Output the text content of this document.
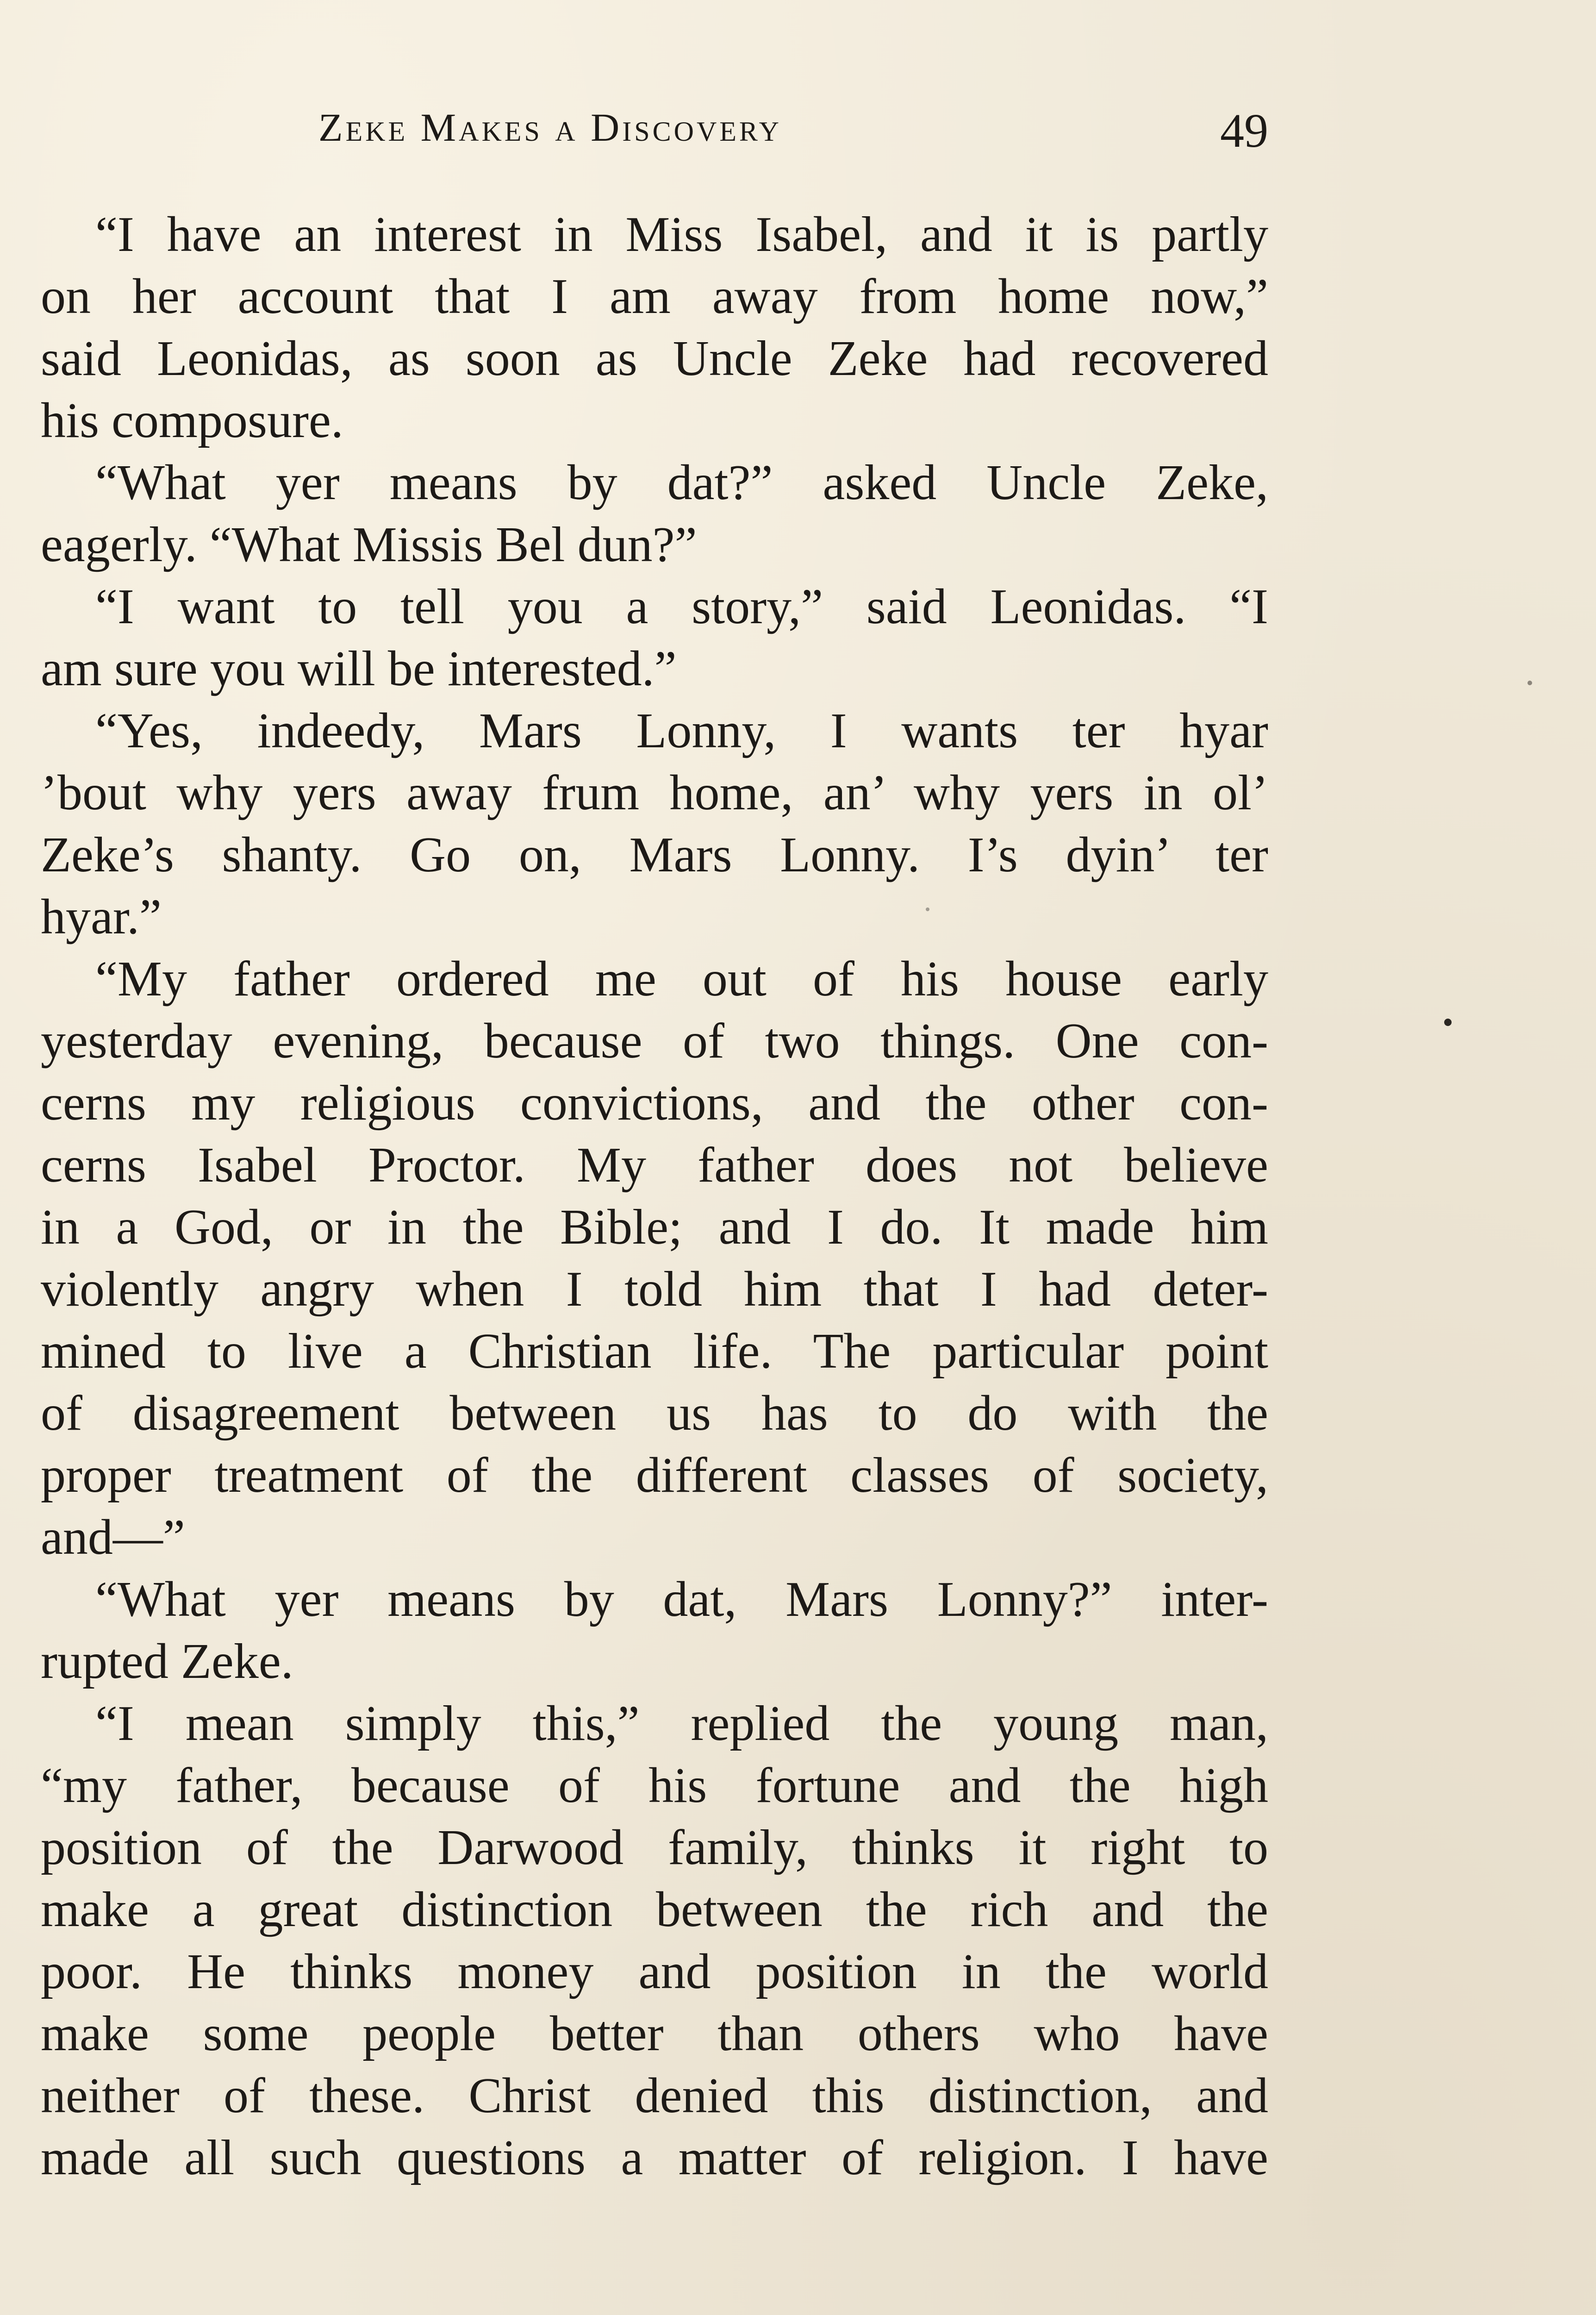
Zeke Makes a Discovery	49
“I have an interest in Miss Isabel, and it is partly
on her account that I am away from home now,”
said Leonidas, as soon as Uncle Zeke had recovered
his composure.
“What yer means by dat?” asked Uncle Zeke,
eagerly. “What Missis Bel dun?”
“I want to tell you a story,” said Leonidas. “I
am sure you will be interested.”
“Yes, indeedy, Mars Lonny, I wants ter hyar
’bout why yers away frum home, an’ why yers in ol’
Zeke’s shanty. Go on, Mars Lonny. I’s dyin’ ter
hyar.”
“My father ordered me out of his house early
yesterday evening, because of two things. One con-
cerns my religious convictions, and the other con-
cerns Isabel Proctor. My father does not believe
in a God, or in the Bible; and I do. It made him
violently angry when I told him that I had deter-
mined to live a Christian life. The particular point
of disagreement between us has to do with the
proper treatment of the different classes of society,
and—”
“What yer means by dat, Mars Lonny?” inter-
rupted Zeke.
“I mean simply this,” replied the young man,
“my father, because of his fortune and the high
position of the Darwood family, thinks it right to
make a great distinction between the rich and the
poor. He thinks money and position in the world
make some people better than others who have
neither of these. Christ denied this distinction, and
made all such questions a matter of religion. I have
